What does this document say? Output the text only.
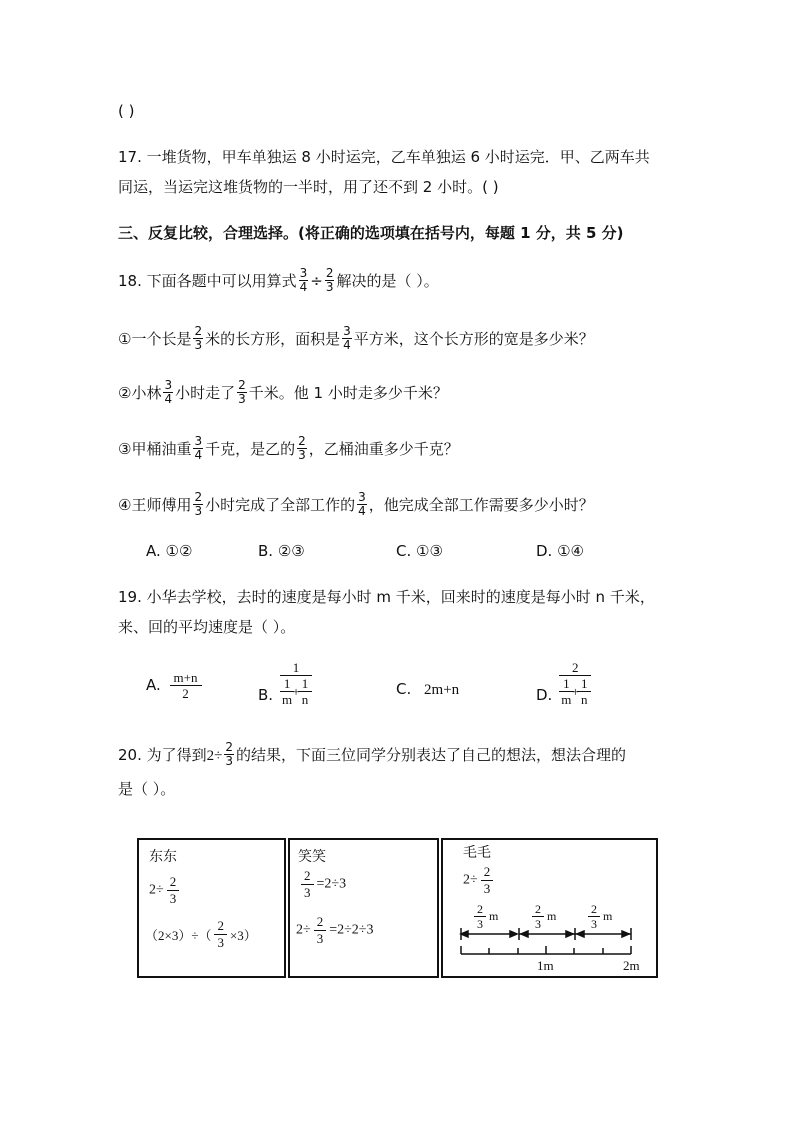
( )
17. 一堆货物，甲车单独运 8 小时运完，乙车单独运 6 小时运完．甲、乙两车共
同运，当运完这堆货物的一半时，用了还不到 2 小时。( )
三、反复比较，合理选择。(将正确的选项填在括号内，每题 1 分，共 5 分)
18. 下面各题中可以用算式 $\frac{3}{4} \div \frac{2}{3}$ 解决的是（ ）。
①一个长是 $\frac{2}{3}$ 米的长方形，面积是 $\frac{3}{4}$ 平方米，这个长方形的宽是多少米？
②小林 $\frac{3}{4}$ 小时走了 $\frac{2}{3}$ 千米。他 1 小时走多少千米？
③甲桶油重 $\frac{3}{4}$ 千克，是乙的 $\frac{2}{3}$ ，乙桶油重多少千克？
④王师傅用 $\frac{2}{3}$ 小时完成了全部工作的 $\frac{3}{4}$ ，他完成全部工作需要多少小时？
A. ①②	B. ②③	C. ①③	D. ①④
19. 小华去学校，去时的速度是每小时 m 千米，回来时的速度是每小时 n 千米，
来、回的平均速度是（ ）。
A. $\frac{m+n}{2}$	B. 1
1
m
+ $\frac{1}{n}$	C. 2m+n	D. 2
1
m
+ $\frac{1}{n}$
20. 为了得到$2\div \frac{2}{3}$ 的结果，下面三位同学分别表达了自己的想法，想法合理的
是（ ）。
东东
$2\div \frac{2}{3}$
$(2\times 3)\div( \frac{2}{3} \times 3)$
笑笑
$\frac{2}{3} =2\div 3$
$2\div \frac{2}{3} =2\div 2\div 3$
毛毛
$2\div \frac{2}{3}$
$\frac{2}{3}$ m	$\frac{2}{3}$ m	$\frac{2}{3}$ m
1m	2m
